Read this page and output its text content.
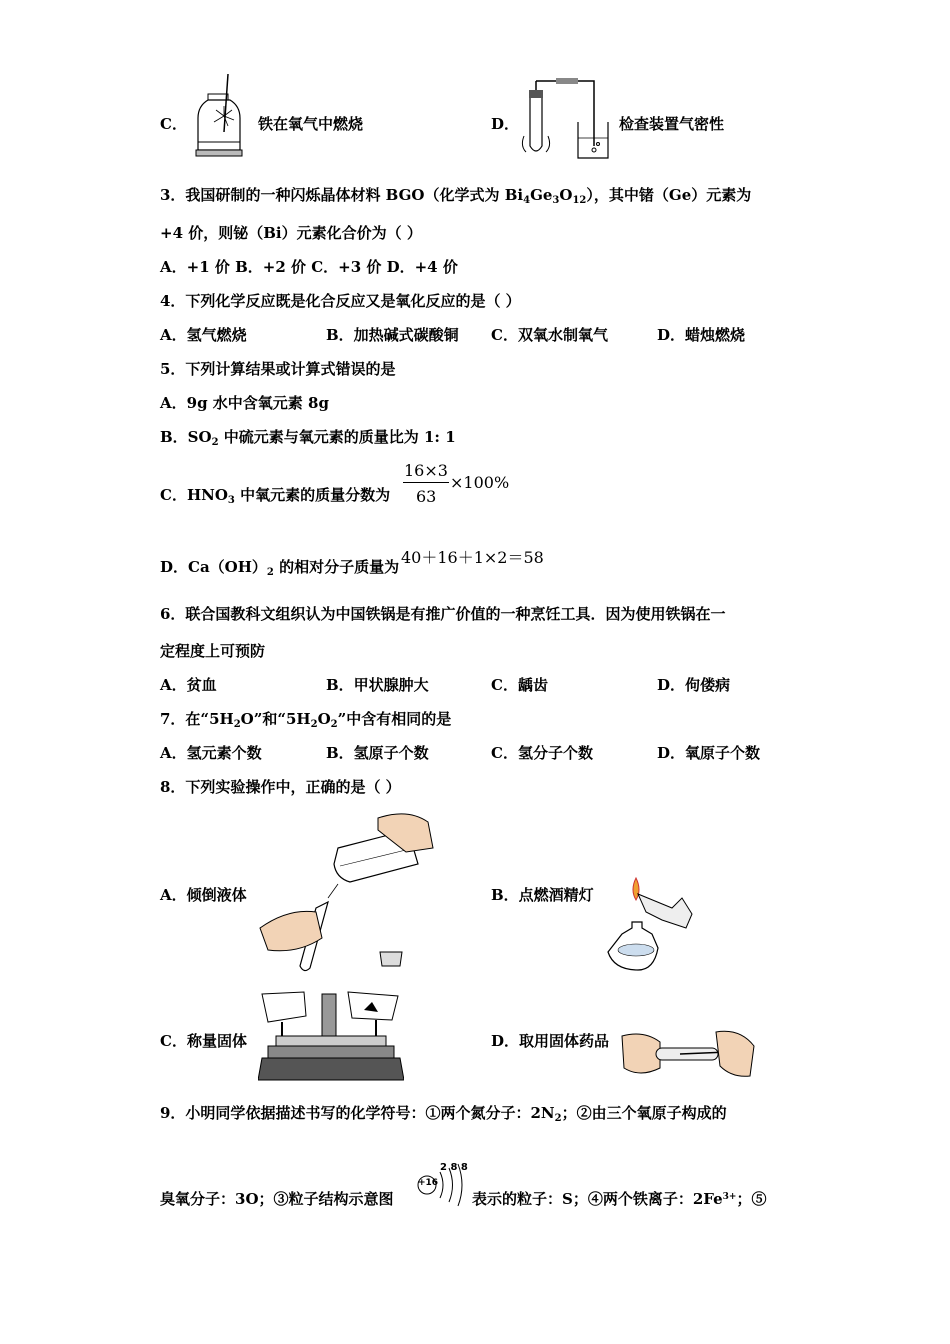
C．	铁在氧气中燃烧	D．	检查装置气密性
3．我国研制的一种闪烁晶体材料 BGO（化学式为 $Bi_4Ge_3O_{12}$），其中锗（Ge）元素为
+4 价，则铋（Bi）元素化合价为（ ）
A．+1 价 B．+2 价 C．+3 价 D．+4 价
4．下列化学反应既是化合反应又是氧化反应的是（ ）
A．氢气燃烧	B．加热碱式碳酸铜 C．双氧水制氧气	D．蜡烛燃烧
5．下列计算结果或计算式错误的是
A．9g 水中含氧元素 8g
B．$SO_2$ 中硫元素与氧元素的质量比为 1: 1
C．$HNO_3$ 中氧元素的质量分数为
16×3
63
×100%
D．$Ca(OH)_2$ 的相对分子质量为 40＋16＋1×2＝58
6．联合国教科文组织认为中国铁锅是有推广价值的一种烹饪工具．因为使用铁锅在一
定程度上可预防
A．贫血	B．甲状腺肿大	C．龋齿	D．佝偻病
7．在“$5H_2O$”和“$5H_2O_2$”中含有相同的是
A．氢元素个数	B．氢原子个数	C．氢分子个数	D．氧原子个数
8．下列实验操作中，正确的是（ ）
A．倾倒液体	B．点燃酒精灯
C．称量固体	D．取用固体药品
9．小明同学依据描述书写的化学符号：①两个氮分子：$2N_2$；②由三个氧原子构成的
臭氧分子：3O；③粒子结构示意图
+16
2 8 8
表示的粒子：S；④两个铁离子：$2Fe^{3+}$；⑤
